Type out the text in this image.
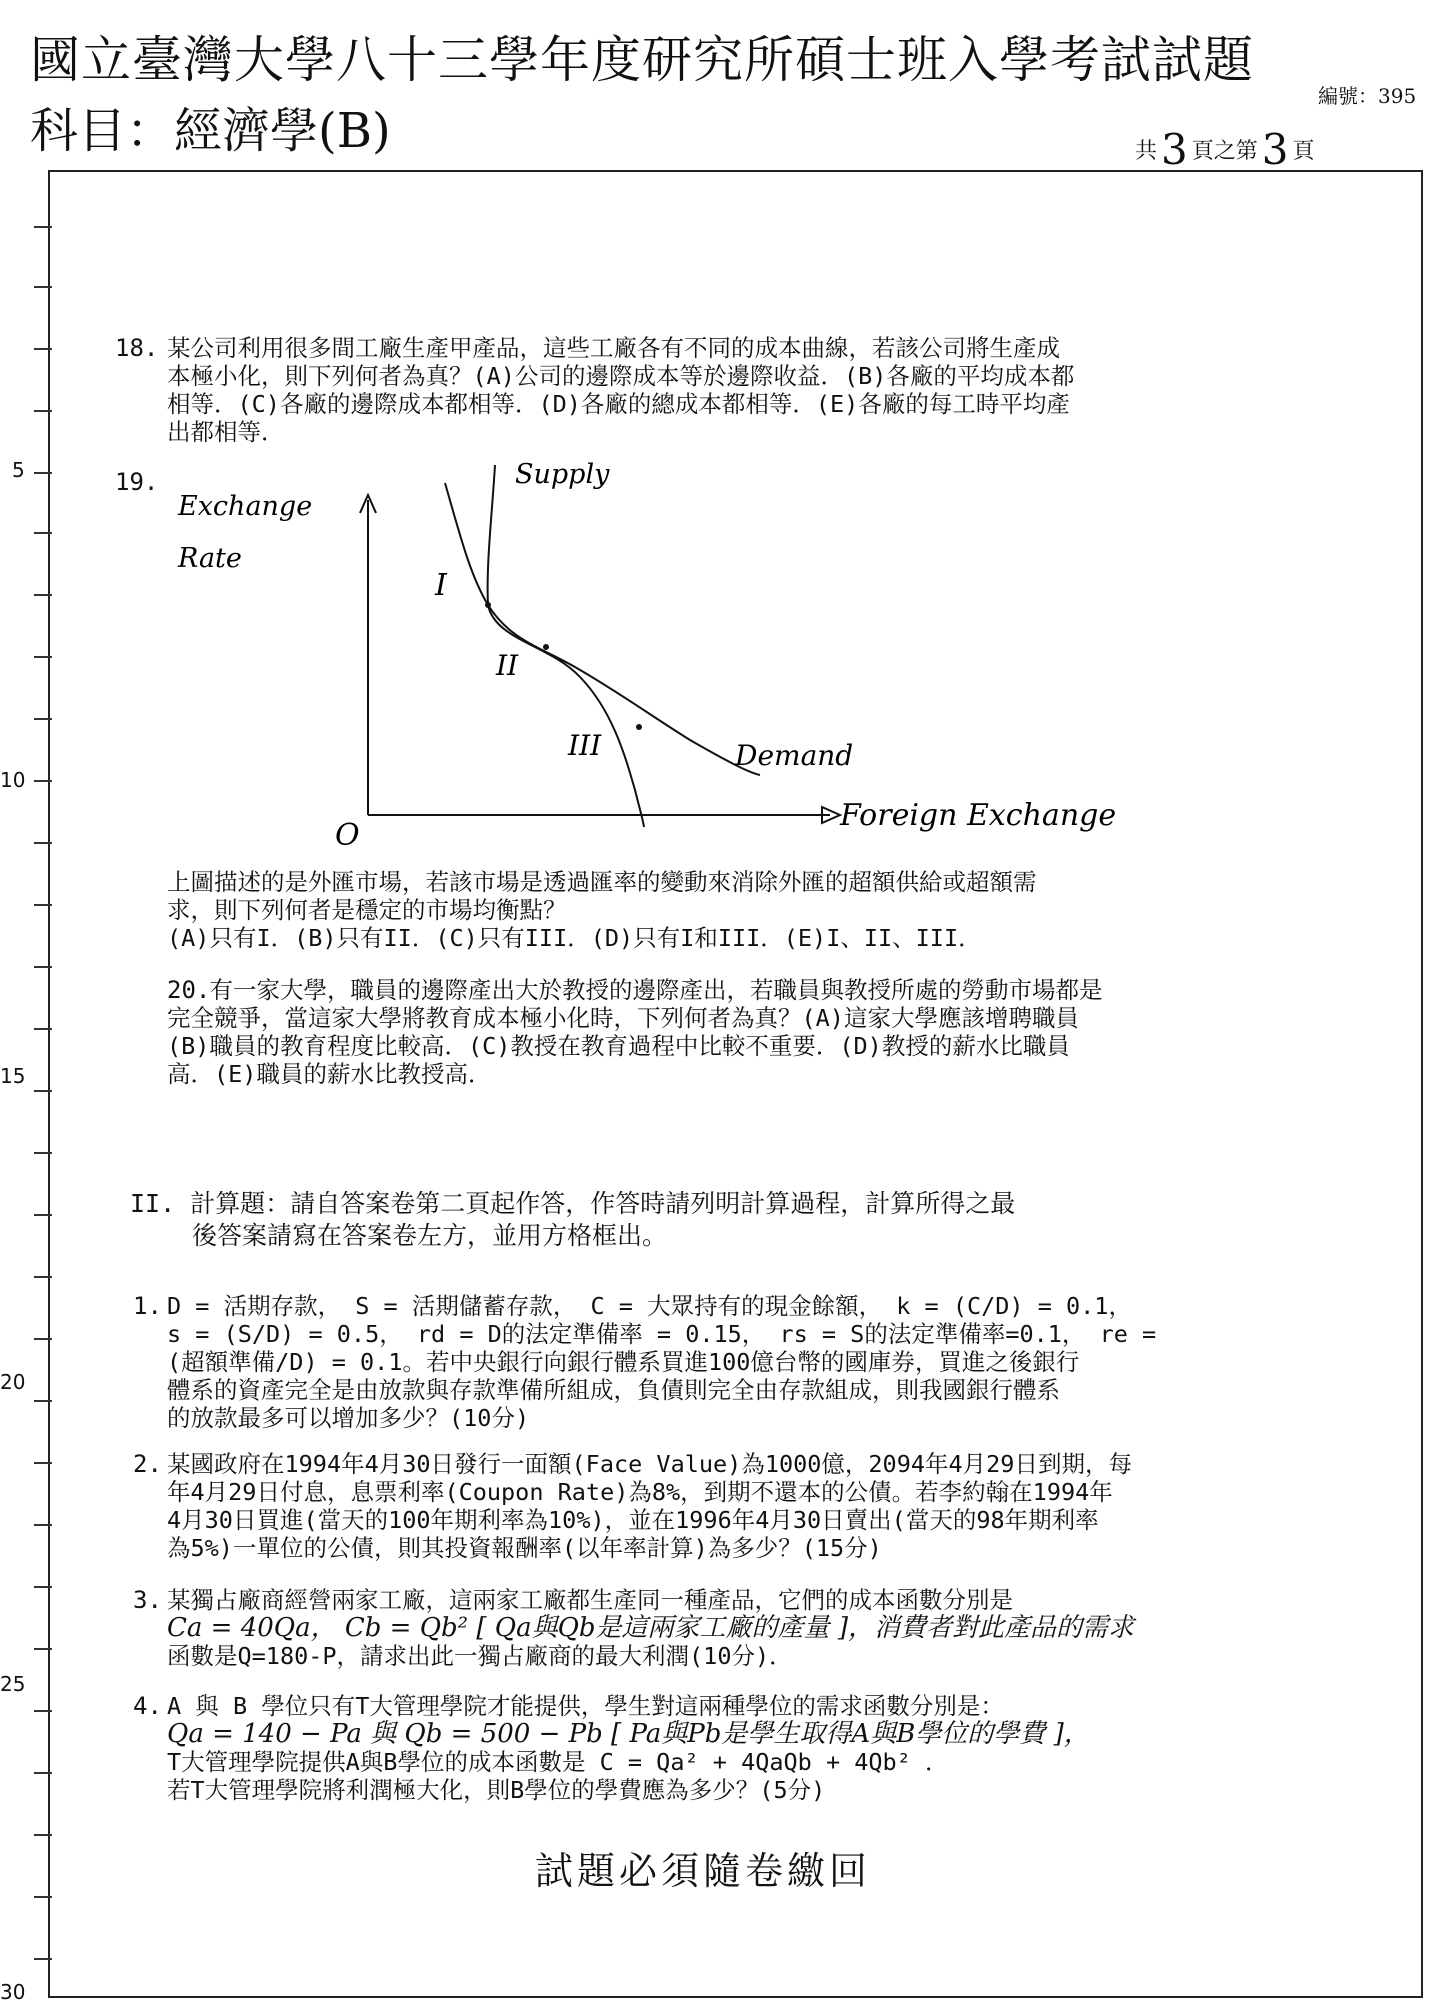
國立臺灣大學八十三學年度研究所碩士班入學考試試題
科目：經濟學(B)
編號：395
共3 頁之第3 頁
5
10
15
20
25
30
18. 某公司利用很多間工廠生產甲產品，這些工廠各有不同的成本曲線，若該公司將生產成
本極小化，則下列何者為真？(A)公司的邊際成本等於邊際收益．(B)各廠的平均成本都
相等．(C)各廠的邊際成本都相等．(D)各廠的總成本都相等．(E)各廠的每工時平均產
出都相等．
19.
Exchange
Rate
Supply
I
II
III	Demand
O
Foreign Exchange
上圖描述的是外匯市場，若該市場是透過匯率的變動來消除外匯的超額供給或超額需
求，則下列何者是穩定的市場均衡點？
(A)只有I．(B)只有II．(C)只有III．(D)只有I和III．(E)I、II、III．
20. 有一家大學，職員的邊際產出大於教授的邊際產出，若職員與教授所處的勞動市場都是
完全競爭，當這家大學將教育成本極小化時，下列何者為真？(A)這家大學應該增聘職員
(B)職員的教育程度比較高．(C)教授在教育過程中比較不重要．(D)教授的薪水比職員
高．(E)職員的薪水比教授高．
II. 計算題：請自答案卷第二頁起作答，作答時請列明計算過程，計算所得之最
後答案請寫在答案卷左方，並用方格框出。
1. D = 活期存款， S = 活期儲蓄存款， C = 大眾持有的現金餘額， k = (C/D) = 0.1，
s = (S/D) = 0.5， rd = D的法定準備率 = 0.15， rs = S的法定準備率=0.1， re =
(超額準備/D) = 0.1。若中央銀行向銀行體系買進100億台幣的國庫券，買進之後銀行
體系的資產完全是由放款與存款準備所組成，負債則完全由存款組成，則我國銀行體系
的放款最多可以增加多少？(10分)
2. 某國政府在1994年4月30日發行一面額(Face Value)為1000億，2094年4月29日到期，每
年4月29日付息，息票利率(Coupon Rate)為8%，到期不還本的公債。若李約翰在1994年
4月30日買進(當天的100年期利率為10%)，並在1996年4月30日賣出(當天的98年期利率
為5%)一單位的公債，則其投資報酬率(以年率計算)為多少？(15分)
3. 某獨占廠商經營兩家工廠，這兩家工廠都生產同一種產品，它們的成本函數分別是
Ca = 40Qa， Cb = Qb² [ Qa與Qb是這兩家工廠的產量 ]，消費者對此產品的需求
函數是Q=180-P，請求出此一獨占廠商的最大利潤(10分)．
4. A 與 B 學位只有T大管理學院才能提供，學生對這兩種學位的需求函數分別是：
Qa = 140 − Pa 與 Qb = 500 − Pb [ Pa與Pb是學生取得A與B學位的學費 ]，
T大管理學院提供A與B學位的成本函數是 C = Qa² + 4QaQb + 4Qb² ．
若T大管理學院將利潤極大化，則B學位的學費應為多少？(5分)
試題必須隨卷繳回
